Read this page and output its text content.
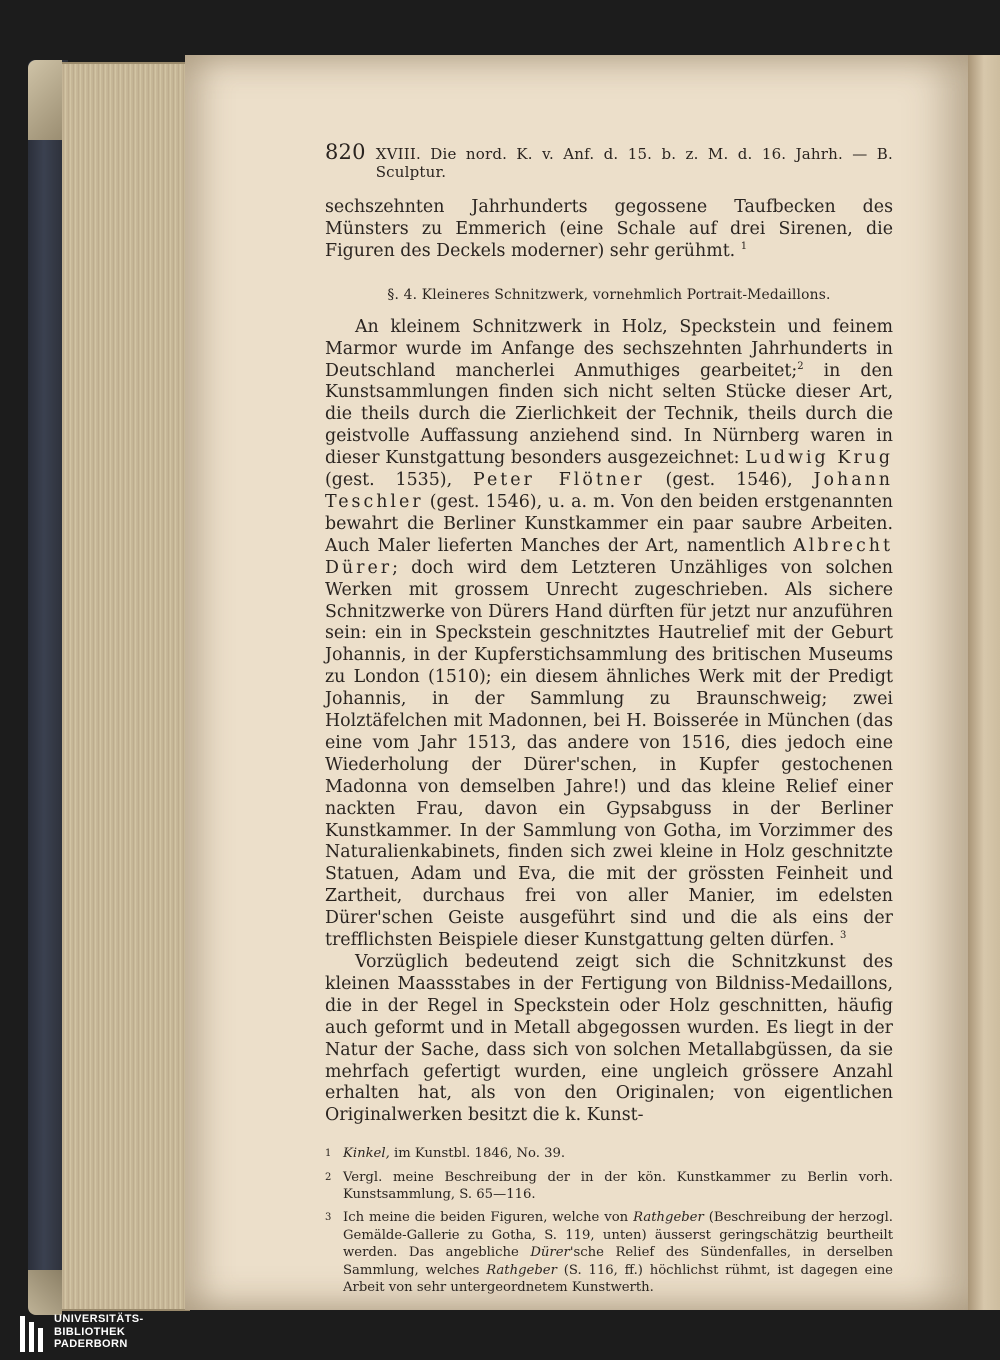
820 XVIII. Die nord. K. v. Anf. d. 15. b. z. M. d. 16. Jahrh. — B. Sculptur.

sechszehnten Jahrhunderts gegossene Taufbecken des Münsters zu Emmerich (eine Schale auf drei Sirenen, die Figuren des Deckels moderner) sehr gerühmt. $^1$

§. 4. Kleineres Schnitzwerk, vornehmlich Portrait-Medaillons.

An kleinem Schnitzwerk in Holz, Speckstein und feinem Marmor wurde im Anfange des sechszehnten Jahrhunderts in Deutschland mancherlei Anmuthiges gearbeitet;$^2$ in den Kunstsammlungen finden sich nicht selten Stücke dieser Art, die theils durch die Zierlichkeit der Technik, theils durch die geistvolle Auffassung anziehend sind. In Nürnberg waren in dieser Kunstgattung besonders ausgezeichnet: Ludwig Krug (gest. 1535), Peter Flötner (gest. 1546), Johann Teschler (gest. 1546), u. a. m. Von den beiden erstgenannten bewahrt die Berliner Kunstkammer ein paar saubre Arbeiten. Auch Maler lieferten Manches der Art, namentlich Albrecht Dürer; doch wird dem Letzteren Unzähliges von solchen Werken mit grossem Unrecht zugeschrieben. Als sichere Schnitzwerke von Dürers Hand dürften für jetzt nur anzuführen sein: ein in Speckstein geschnitztes Hautrelief mit der Geburt Johannis, in der Kupferstichsammlung des britischen Museums zu London (1510); ein diesem ähnliches Werk mit der Predigt Johannis, in der Sammlung zu Braunschweig; zwei Holztäfelchen mit Madonnen, bei H. Boisserée in München (das eine vom Jahr 1513, das andere von 1516, dies jedoch eine Wiederholung der Dürer'schen, in Kupfer gestochenen Madonna von demselben Jahre!) und das kleine Relief einer nackten Frau, davon ein Gypsabguss in der Berliner Kunstkammer. In der Sammlung von Gotha, im Vorzimmer des Naturalienkabinets, finden sich zwei kleine in Holz geschnitzte Statuen, Adam und Eva, die mit der grössten Feinheit und Zartheit, durchaus frei von aller Manier, im edelsten Dürer'schen Geiste ausgeführt sind und die als eins der trefflichsten Beispiele dieser Kunstgattung gelten dürfen. $^3$

Vorzüglich bedeutend zeigt sich die Schnitzkunst des kleinen Maassstabes in der Fertigung von Bildniss-Medaillons, die in der Regel in Speckstein oder Holz geschnitten, häufig auch geformt und in Metall abgegossen wurden. Es liegt in der Natur der Sache, dass sich von solchen Metallabgüssen, da sie mehrfach gefertigt wurden, eine ungleich grössere Anzahl erhalten hat, als von den Originalen; von eigentlichen Originalwerken besitzt die k. Kunst-

1 Kinkel, im Kunstbl. 1846, No. 39.
2 Vergl. meine Beschreibung der in der kön. Kunstkammer zu Berlin vorh. Kunstsammlung, S. 65—116.
3 Ich meine die beiden Figuren, welche von Rathgeber (Beschreibung der herzogl. Gemälde-Gallerie zu Gotha, S. 119, unten) äusserst geringschätzig beurtheilt werden. Das angebliche Dürer'sche Relief des Sündenfalles, in derselben Sammlung, welches Rathgeber (S. 116, ff.) höchlichst rühmt, ist dagegen eine Arbeit von sehr untergeordnetem Kunstwerth.
UNIVERSITÄTS-
BIBLIOTHEK
PADERBORN
